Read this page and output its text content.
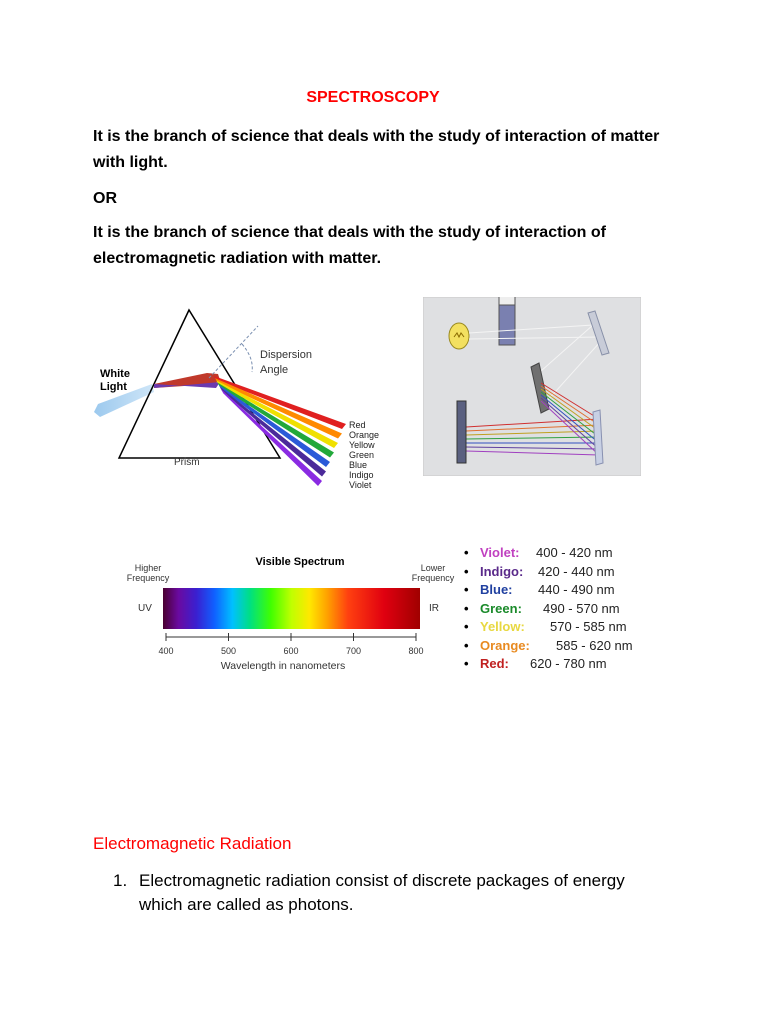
SPECTROSCOPY
It is the branch of science that deals with the study of interaction of matter with light.
OR
It is the branch of science that deals with the study of interaction of electromagnetic radiation with matter.
White
Light
Dispersion
Angle
Prism
Red
Orange
Yellow
Green
Blue
Indigo
Violet
Visible Spectrum
Higher
Frequency
Lower
Frequency
UV	IR
400	500	600	700	800
Wavelength in nanometers
• Violet: 400 - 420 nm
• Indigo: 420 - 440 nm
• Blue: 440 - 490 nm
• Green: 490 - 570 nm
• Yellow: 570 - 585 nm
• Orange: 585 - 620 nm
• Red: 620 - 780 nm
Electromagnetic Radiation
1. Electromagnetic radiation consist of discrete packages of energy which are called as photons.
